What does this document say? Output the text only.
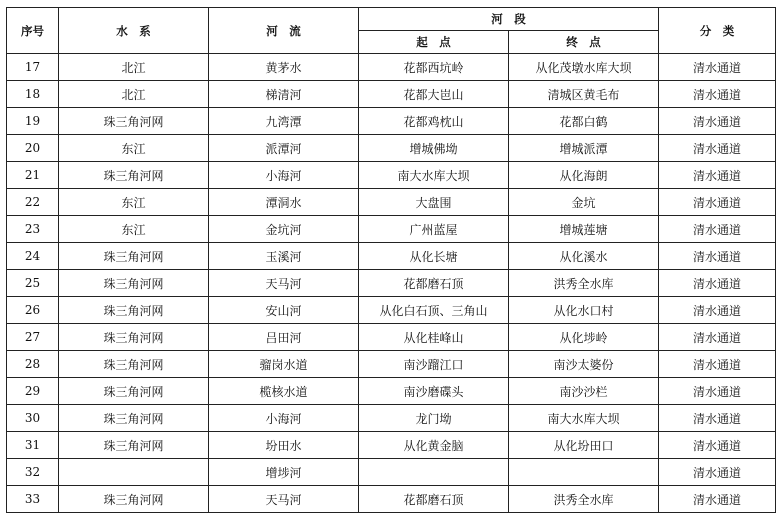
序号	水　系	河　流	河　段		分　类
			起　点	终　点	
17	北江	黄茅水	花都西坑岭	从化茂墩水库大坝	清水通道
18	北江	梯清河	花都大岜山	清城区黄毛布	清水通道
19	珠三角河网	九湾潭	花都鸡枕山	花都白鹤	清水通道
20	东江	派潭河	增城佛坳	增城派潭	清水通道
21	珠三角河网	小海河	南大水库大坝	从化海朗	清水通道
22	东江	潭洞水	大盘围	金坑	清水通道
23	东江	金坑河	广州蓝屋	增城莲塘	清水通道
24	珠三角河网	玉溪河	从化长塘	从化溪水	清水通道
25	珠三角河网	天马河	花都磨石顶	洪秀全水库	清水通道
26	珠三角河网	安山河	从化白石顶、三角山	从化水口村	清水通道
27	珠三角河网	吕田河	从化桂峰山	从化埗岭	清水通道
28	珠三角河网	骝岗水道	南沙蹓江口	南沙太婆份	清水通道
29	珠三角河网	榄核水道	南沙磨碟头	南沙沙栏	清水通道
30	珠三角河网	小海河	龙门坳	南大水库大坝	清水通道
31	珠三角河网	坋田水	从化黄金脑	从化坋田口	清水通道
32		增埗河			清水通道
33	珠三角河网	天马河	花都磨石顶	洪秀全水库	清水通道
